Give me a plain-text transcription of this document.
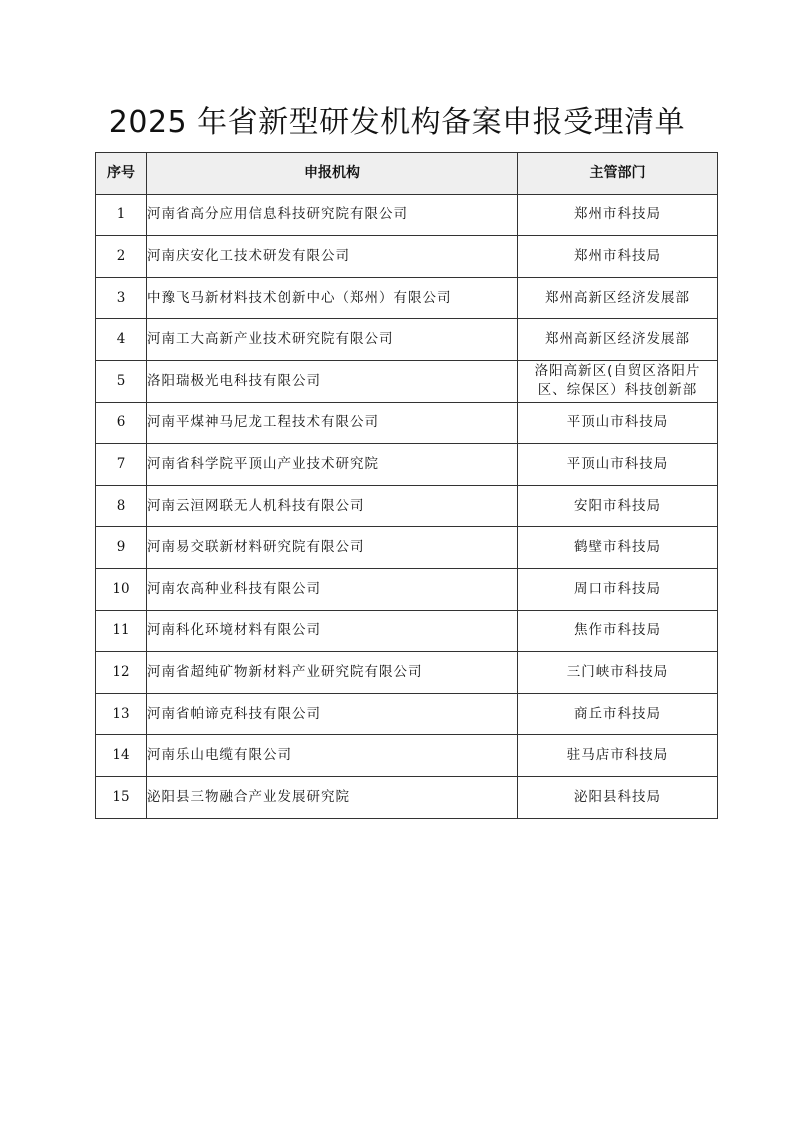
2025 年省新型研发机构备案申报受理清单
序号	申报机构	主管部门
1	河南省高分应用信息科技研究院有限公司	郑州市科技局
2	河南庆安化工技术研发有限公司	郑州市科技局
3	中豫飞马新材料技术创新中心（郑州）有限公司	郑州高新区经济发展部
4	河南工大高新产业技术研究院有限公司	郑州高新区经济发展部
5	洛阳瑞极光电科技有限公司	洛阳高新区(自贸区洛阳片区、综保区）科技创新部
6	河南平煤神马尼龙工程技术有限公司	平顶山市科技局
7	河南省科学院平顶山产业技术研究院	平顶山市科技局
8	河南云洹网联无人机科技有限公司	安阳市科技局
9	河南易交联新材料研究院有限公司	鹤壁市科技局
10	河南农高种业科技有限公司	周口市科技局
11	河南科化环境材料有限公司	焦作市科技局
12	河南省超纯矿物新材料产业研究院有限公司	三门峡市科技局
13	河南省帕谛克科技有限公司	商丘市科技局
14	河南乐山电缆有限公司	驻马店市科技局
15	泌阳县三物融合产业发展研究院	泌阳县科技局
